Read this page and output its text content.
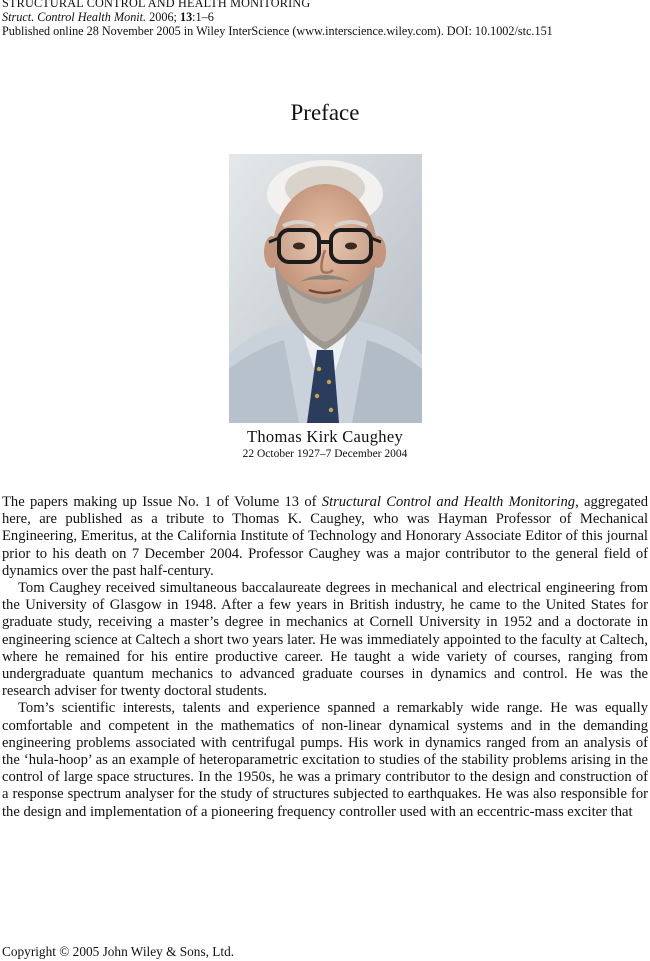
STRUCTURAL CONTROL AND HEALTH MONITORING
Struct. Control Health Monit. 2006; 13:1–6
Published online 28 November 2005 in Wiley InterScience (www.interscience.wiley.com). DOI: 10.1002/stc.151
Preface
Thomas Kirk Caughey
22 October 1927–7 December 2004

The papers making up Issue No. 1 of Volume 13 of Structural Control and Health Monitoring, aggregated here, are published as a tribute to Thomas K. Caughey, who was Hayman Professor of Mechanical Engineering, Emeritus, at the California Institute of Technology and Honorary Associate Editor of this journal prior to his death on 7 December 2004. Professor Caughey was a major contributor to the general field of dynamics over the past half-century.

Tom Caughey received simultaneous baccalaureate degrees in mechanical and electrical engineering from the University of Glasgow in 1948. After a few years in British industry, he came to the United States for graduate study, receiving a master’s degree in mechanics at Cornell University in 1952 and a doctorate in engineering science at Caltech a short two years later. He was immediately appointed to the faculty at Caltech, where he remained for his entire productive career. He taught a wide variety of courses, ranging from undergraduate quantum mechanics to advanced graduate courses in dynamics and control. He was the research adviser for twenty doctoral students.

Tom’s scientific interests, talents and experience spanned a remarkably wide range. He was equally comfortable and competent in the mathematics of non-linear dynamical systems and in the demanding engineering problems associated with centrifugal pumps. His work in dynamics ranged from an analysis of the ‘hula-hoop’ as an example of heteroparametric excitation to studies of the stability problems arising in the control of large space structures. In the 1950s, he was a primary contributor to the design and construction of a response spectrum analyser for the study of structures subjected to earthquakes. He was also responsible for the design and implementation of a pioneering frequency controller used with an eccentric-mass exciter that

Copyright © 2005 John Wiley & Sons, Ltd.
